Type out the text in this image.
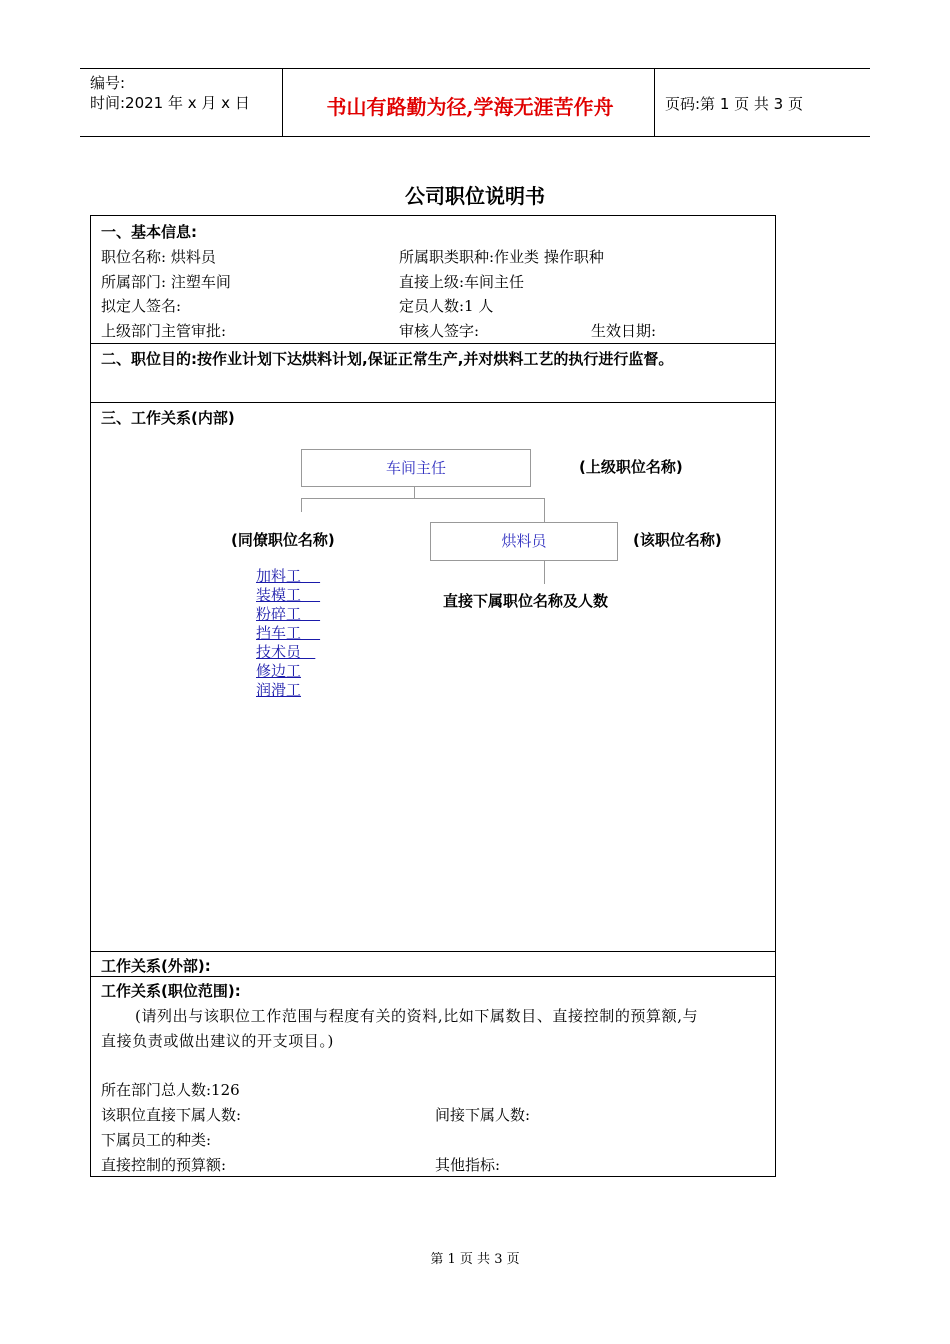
编号:
时间:2021 年 x 月 x 日	书山有路勤为径,学海无涯苦作舟	页码:第 1 页 共 3 页
公司职位说明书
一、基本信息:
职位名称: 烘料员	所属职类职种:作业类 操作职种
所属部门: 注塑车间	直接上级:车间主任
拟定人签名:	定员人数:1 人
上级部门主管审批:	审核人签字:	生效日期:
二、职位目的:按作业计划下达烘料计划,保证正常生产,并对烘料工艺的执行进行监督。
三、工作关系(内部)
车间主任	(上级职位名称)
(同僚职位名称)	烘料员	(该职位名称)
直接下属职位名称及人数
加料工
装模工
粉碎工
挡车工
技术员
修边工
润滑工
工作关系(外部):
工作关系(职位范围):
(请列出与该职位工作范围与程度有关的资料,比如下属数目、直接控制的预算额,与
直接负责或做出建议的开支项目。)
所在部门总人数:126
该职位直接下属人数:	间接下属人数:
下属员工的种类:
直接控制的预算额:	其他指标:
第 1 页 共 3 页
